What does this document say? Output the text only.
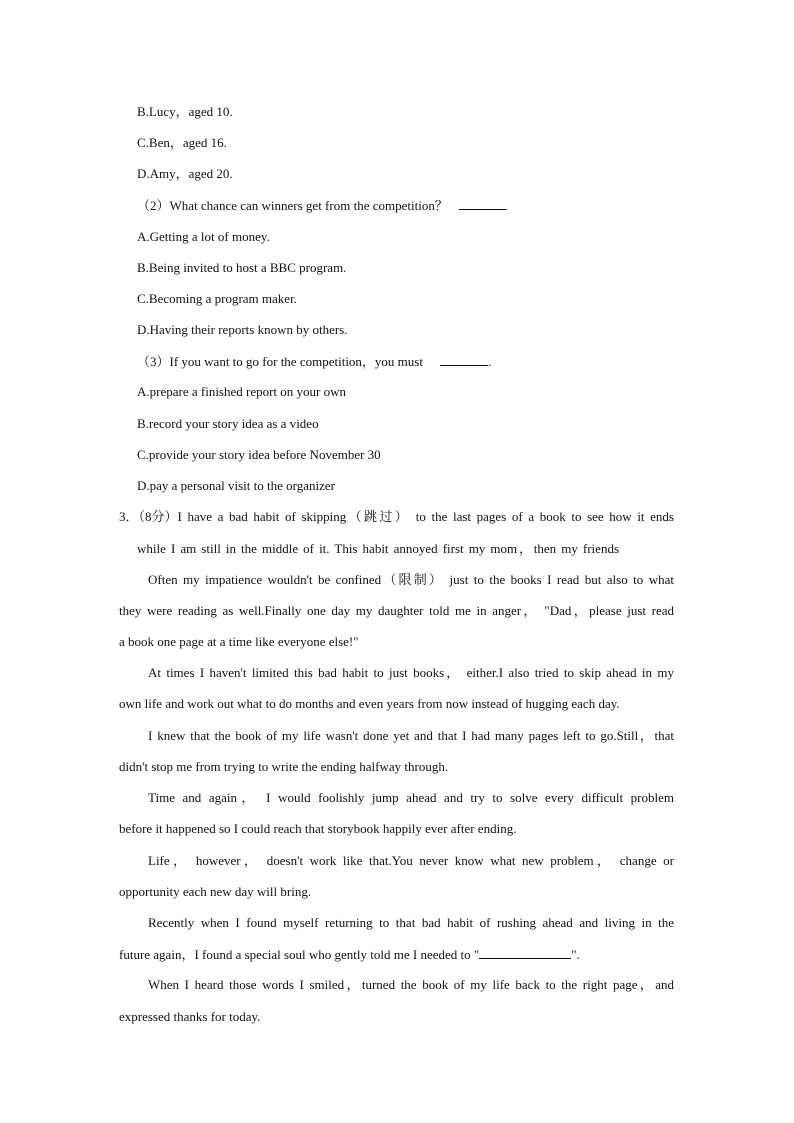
B.Lucy，aged 10.
C.Ben，aged 16.
D.Amy，aged 20.
（2）What chance can winners get from the competition？
A.Getting a lot of money.
B.Being invited to host a BBC program.
C.Becoming a program maker.
D.Having their reports known by others.
（3）If you want to go for the competition，you must	.
A.prepare a finished report on your own
B.record your story idea as a video
C.provide your story idea before November 30
D.pay a personal visit to the organizer
3．（8分） I have a bad habit of skipping（跳过） to the last pages of a book to see how it ends
while I am still in the middle of it. This habit annoyed first my mom，then my friends
Often my impatience wouldn't be confined（限制） just to the books I read but also to what
they were reading as well.Finally one day my daughter told me in anger， "Dad，please just read
a book one page at a time like everyone else!"
At times I haven't limited this bad habit to just books， either.I also tried to skip ahead in my
own life and work out what to do months and even years from now instead of hugging each day.
I knew that the book of my life wasn't done yet and that I had many pages left to go.Still，that
didn't stop me from trying to write the ending halfway through.
Time and again， I would foolishly jump ahead and try to solve every difficult problem
before it happened so I could reach that storybook happily ever after ending.
Life， however， doesn't work like that.You never know what new problem， change or
opportunity each new day will bring.
Recently when I found myself returning to that bad habit of rushing ahead and living in the
future again，I found a special soul who gently told me I needed to "	".
When I heard those words I smiled，turned the book of my life back to the right page，and
expressed thanks for today.
